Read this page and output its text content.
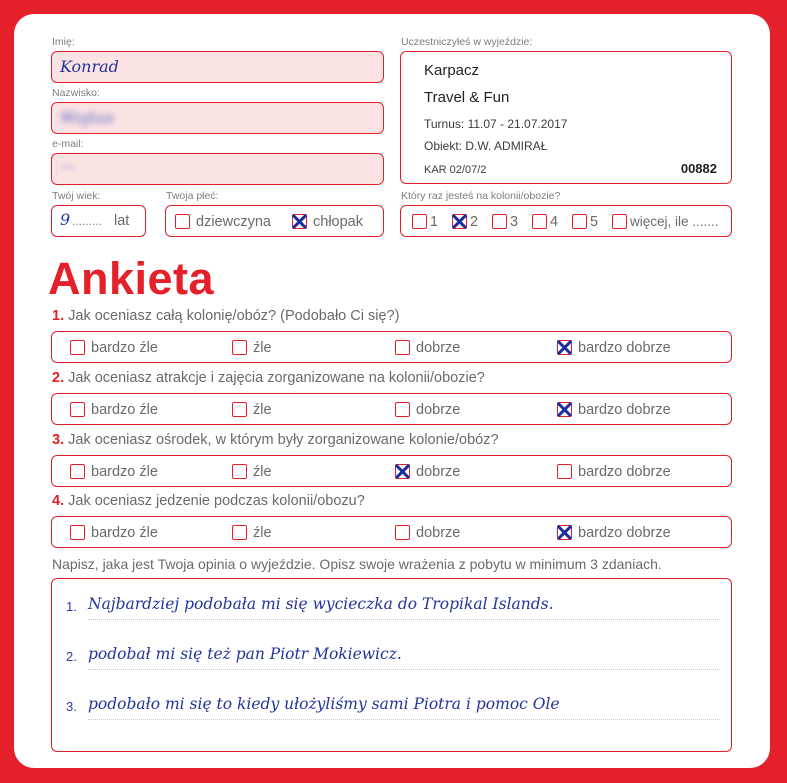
Imię:
Konrad
Nazwisko:
Wojtas
e-mail:
—
Twój wiek:
9 ......... lat
Twoja płeć:
dziewczyna	chłopak
Uczestniczyłeś w wyjeździe:
Karpacz
Travel & Fun
Turnus: 11.07 - 21.07.2017
Obiekt: D.W. ADMIRAŁ
KAR 02/07/2	00882
Który raz jesteś na kolonii/obozie?
1	2	3	4	5	więcej, ile .......
Ankieta
1. Jak oceniasz całą kolonię/obóz? (Podobało Ci się?)
bardzo źle	źle	dobrze	bardzo dobrze
2. Jak oceniasz atrakcje i zajęcia zorganizowane na kolonii/obozie?
bardzo źle	źle	dobrze	bardzo dobrze
3. Jak oceniasz ośrodek, w którym były zorganizowane kolonie/obóz?
bardzo źle	źle	dobrze	bardzo dobrze
4. Jak oceniasz jedzenie podczas kolonii/obozu?
bardzo źle	źle	dobrze	bardzo dobrze
Napisz, jaka jest Twoja opinia o wyjeździe. Opisz swoje wrażenia z pobytu w minimum 3 zdaniach.
1. Najbardziej podobała mi się wycieczka do Tropikal Islands.
2. podobał mi się też pan Piotr Mokiewicz.
3. podobało mi się to kiedy ułożyliśmy sami Piotra i pomoc Ole
